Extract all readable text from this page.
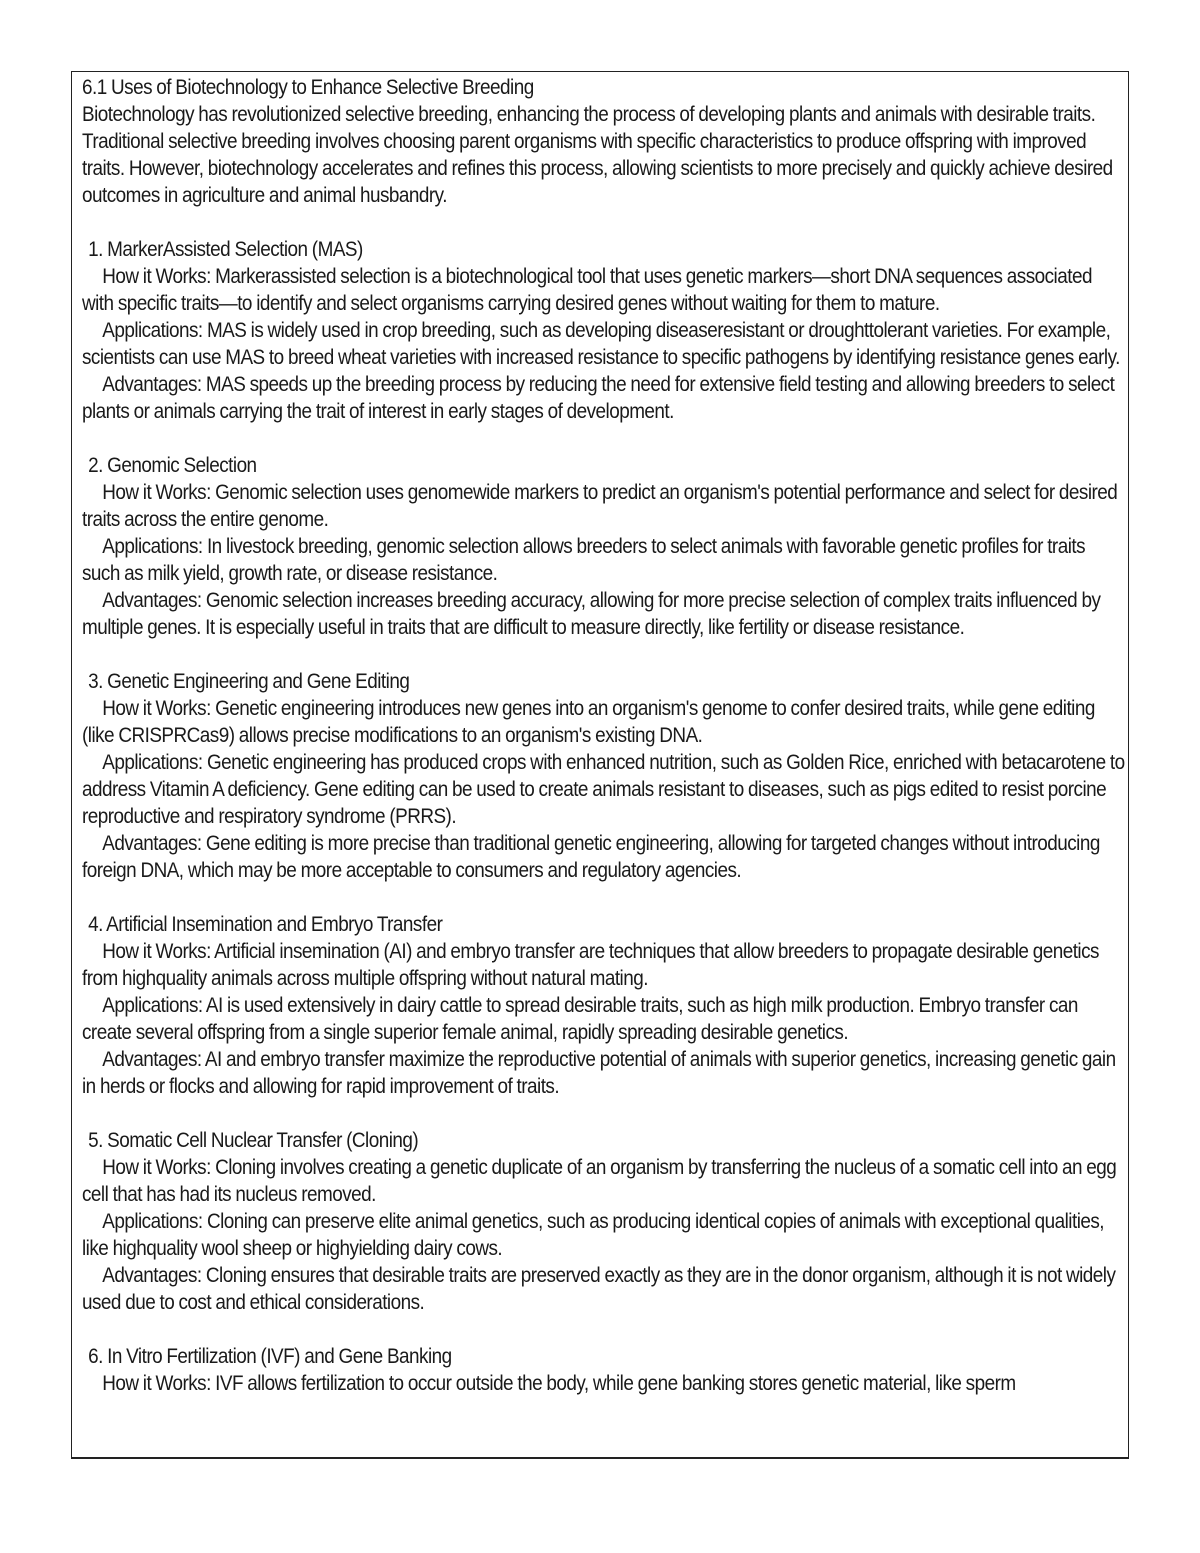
6.1 Uses of Biotechnology to Enhance Selective Breeding

Biotechnology has revolutionized selective breeding, enhancing the process of developing plants and animals with desirable traits. Traditional selective breeding involves choosing parent organisms with specific characteristics to produce offspring with improved traits. However, biotechnology accelerates and refines this process, allowing scientists to more precisely and quickly achieve desired outcomes in agriculture and animal husbandry.

1. MarkerAssisted Selection (MAS)

How it Works: Markerassisted selection is a biotechnological tool that uses genetic markers—short DNA sequences associated with specific traits—to identify and select organisms carrying desired genes without waiting for them to mature.

Applications: MAS is widely used in crop breeding, such as developing diseaseresistant or droughttolerant varieties. For example, scientists can use MAS to breed wheat varieties with increased resistance to specific pathogens by identifying resistance genes early.

Advantages: MAS speeds up the breeding process by reducing the need for extensive field testing and allowing breeders to select plants or animals carrying the trait of interest in early stages of development.

2. Genomic Selection

How it Works: Genomic selection uses genomewide markers to predict an organism's potential performance and select for desired traits across the entire genome.

Applications: In livestock breeding, genomic selection allows breeders to select animals with favorable genetic profiles for traits such as milk yield, growth rate, or disease resistance.

Advantages: Genomic selection increases breeding accuracy, allowing for more precise selection of complex traits influenced by multiple genes. It is especially useful in traits that are difficult to measure directly, like fertility or disease resistance.

3. Genetic Engineering and Gene Editing

How it Works: Genetic engineering introduces new genes into an organism's genome to confer desired traits, while gene editing (like CRISPRCas9) allows precise modifications to an organism's existing DNA.

Applications: Genetic engineering has produced crops with enhanced nutrition, such as Golden Rice, enriched with betacarotene to address Vitamin A deficiency. Gene editing can be used to create animals resistant to diseases, such as pigs edited to resist porcine reproductive and respiratory syndrome (PRRS).

Advantages: Gene editing is more precise than traditional genetic engineering, allowing for targeted changes without introducing foreign DNA, which may be more acceptable to consumers and regulatory agencies.

4. Artificial Insemination and Embryo Transfer

How it Works: Artificial insemination (AI) and embryo transfer are techniques that allow breeders to propagate desirable genetics from highquality animals across multiple offspring without natural mating.

Applications: AI is used extensively in dairy cattle to spread desirable traits, such as high milk production. Embryo transfer can create several offspring from a single superior female animal, rapidly spreading desirable genetics.

Advantages: AI and embryo transfer maximize the reproductive potential of animals with superior genetics, increasing genetic gain in herds or flocks and allowing for rapid improvement of traits.

5. Somatic Cell Nuclear Transfer (Cloning)

How it Works: Cloning involves creating a genetic duplicate of an organism by transferring the nucleus of a somatic cell into an egg cell that has had its nucleus removed.

Applications: Cloning can preserve elite animal genetics, such as producing identical copies of animals with exceptional qualities, like highquality wool sheep or highyielding dairy cows.

Advantages: Cloning ensures that desirable traits are preserved exactly as they are in the donor organism, although it is not widely used due to cost and ethical considerations.

6. In Vitro Fertilization (IVF) and Gene Banking

How it Works: IVF allows fertilization to occur outside the body, while gene banking stores genetic material, like sperm
